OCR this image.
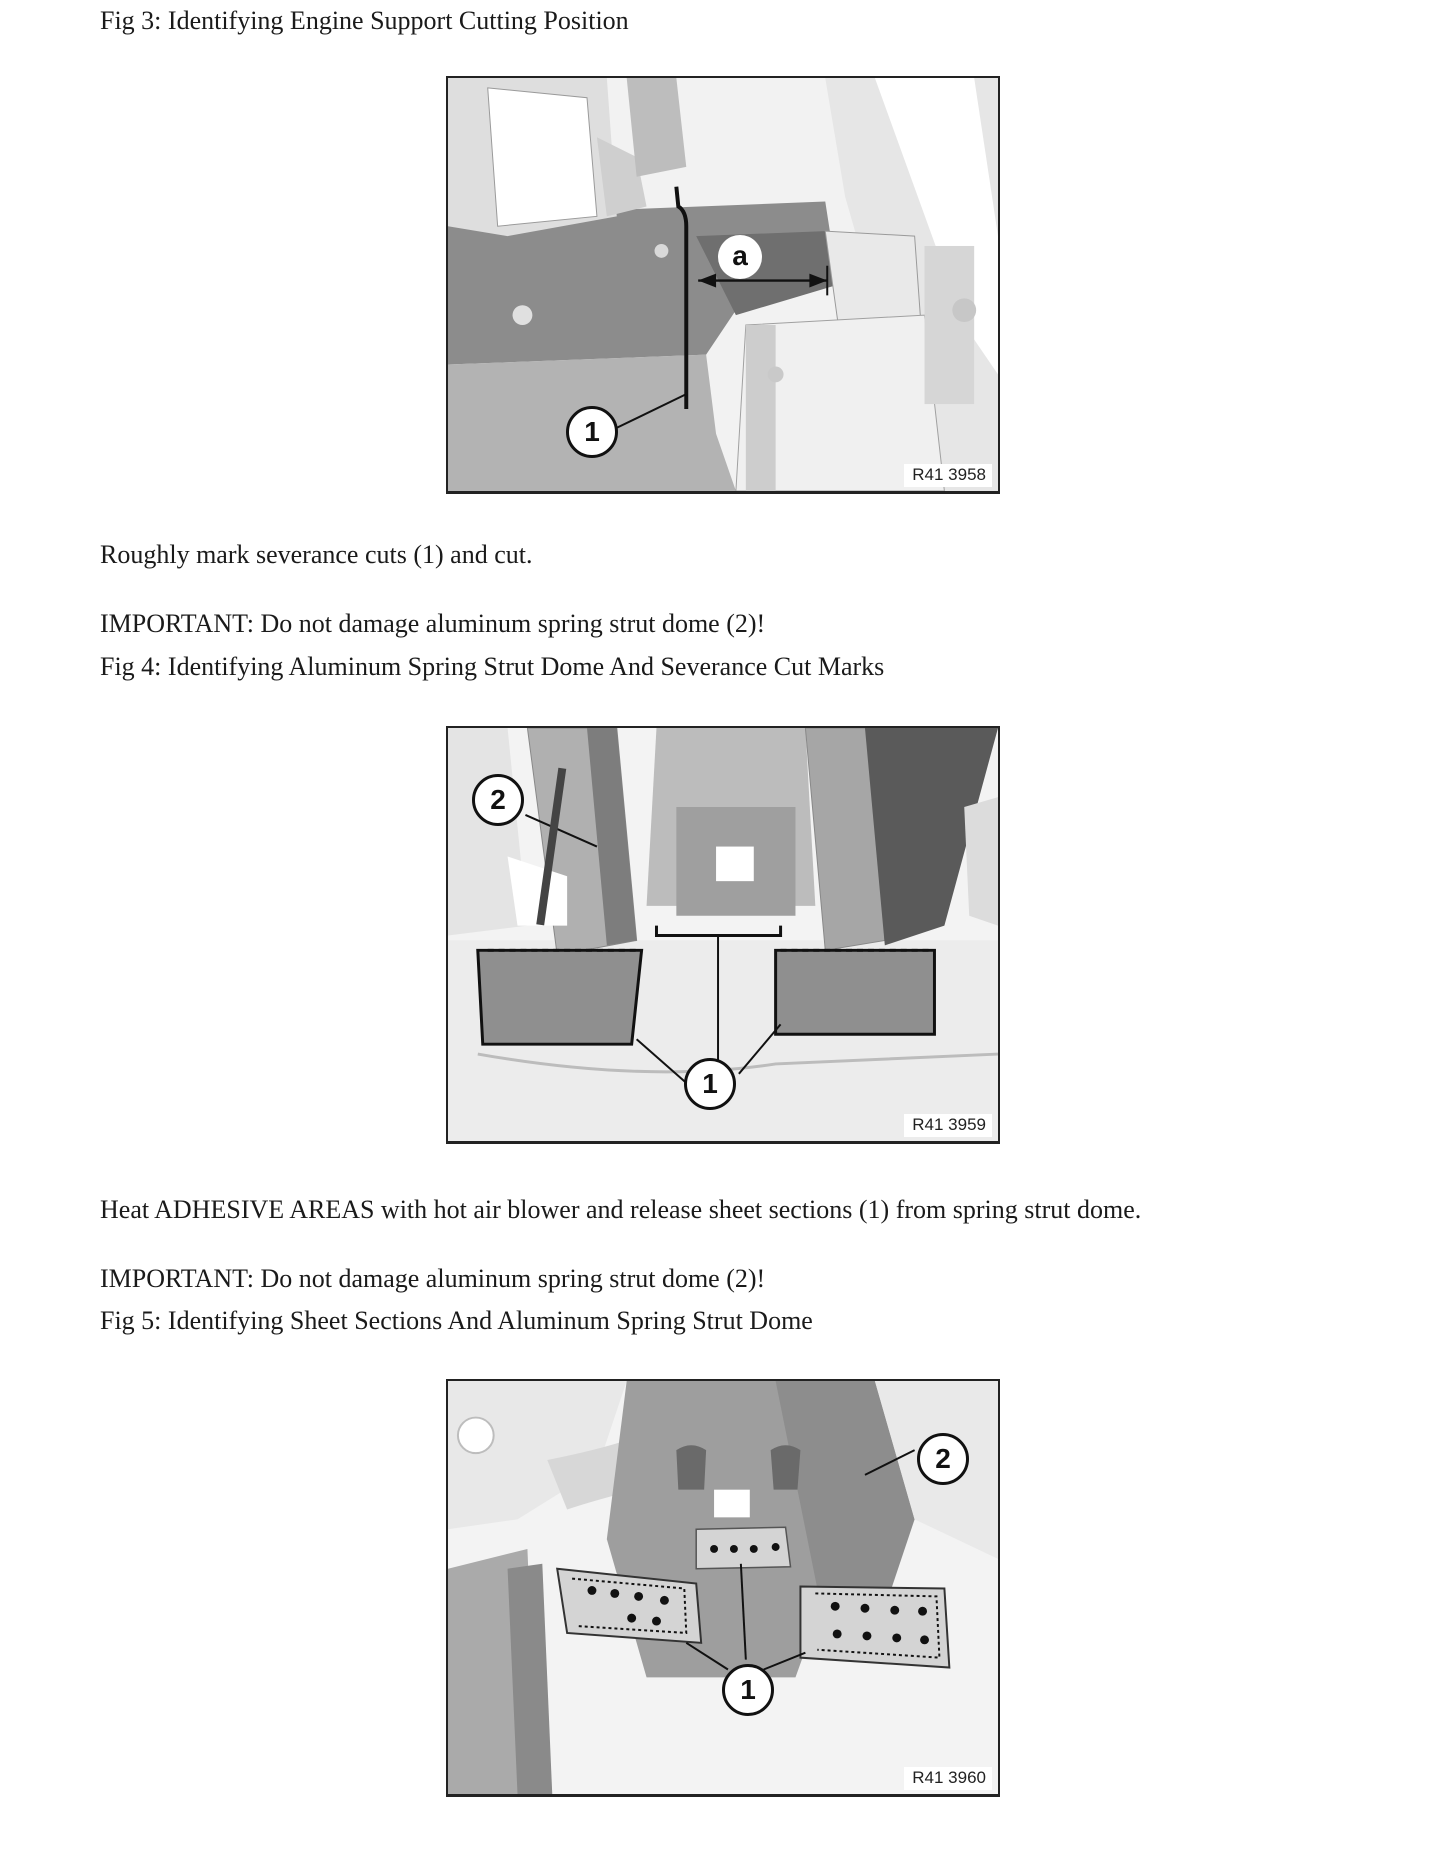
Fig 3: Identifying Engine Support Cutting Position

a
1
R41 3958

Roughly mark severance cuts (1) and cut.

IMPORTANT: Do not damage aluminum spring strut dome (2)!

Fig 4: Identifying Aluminum Spring Strut Dome And Severance Cut Marks

2
1
R41 3959

Heat ADHESIVE AREAS with hot air blower and release sheet sections (1) from spring strut dome.

IMPORTANT: Do not damage aluminum spring strut dome (2)!

Fig 5: Identifying Sheet Sections And Aluminum Spring Strut Dome

1
2
R41 3960
